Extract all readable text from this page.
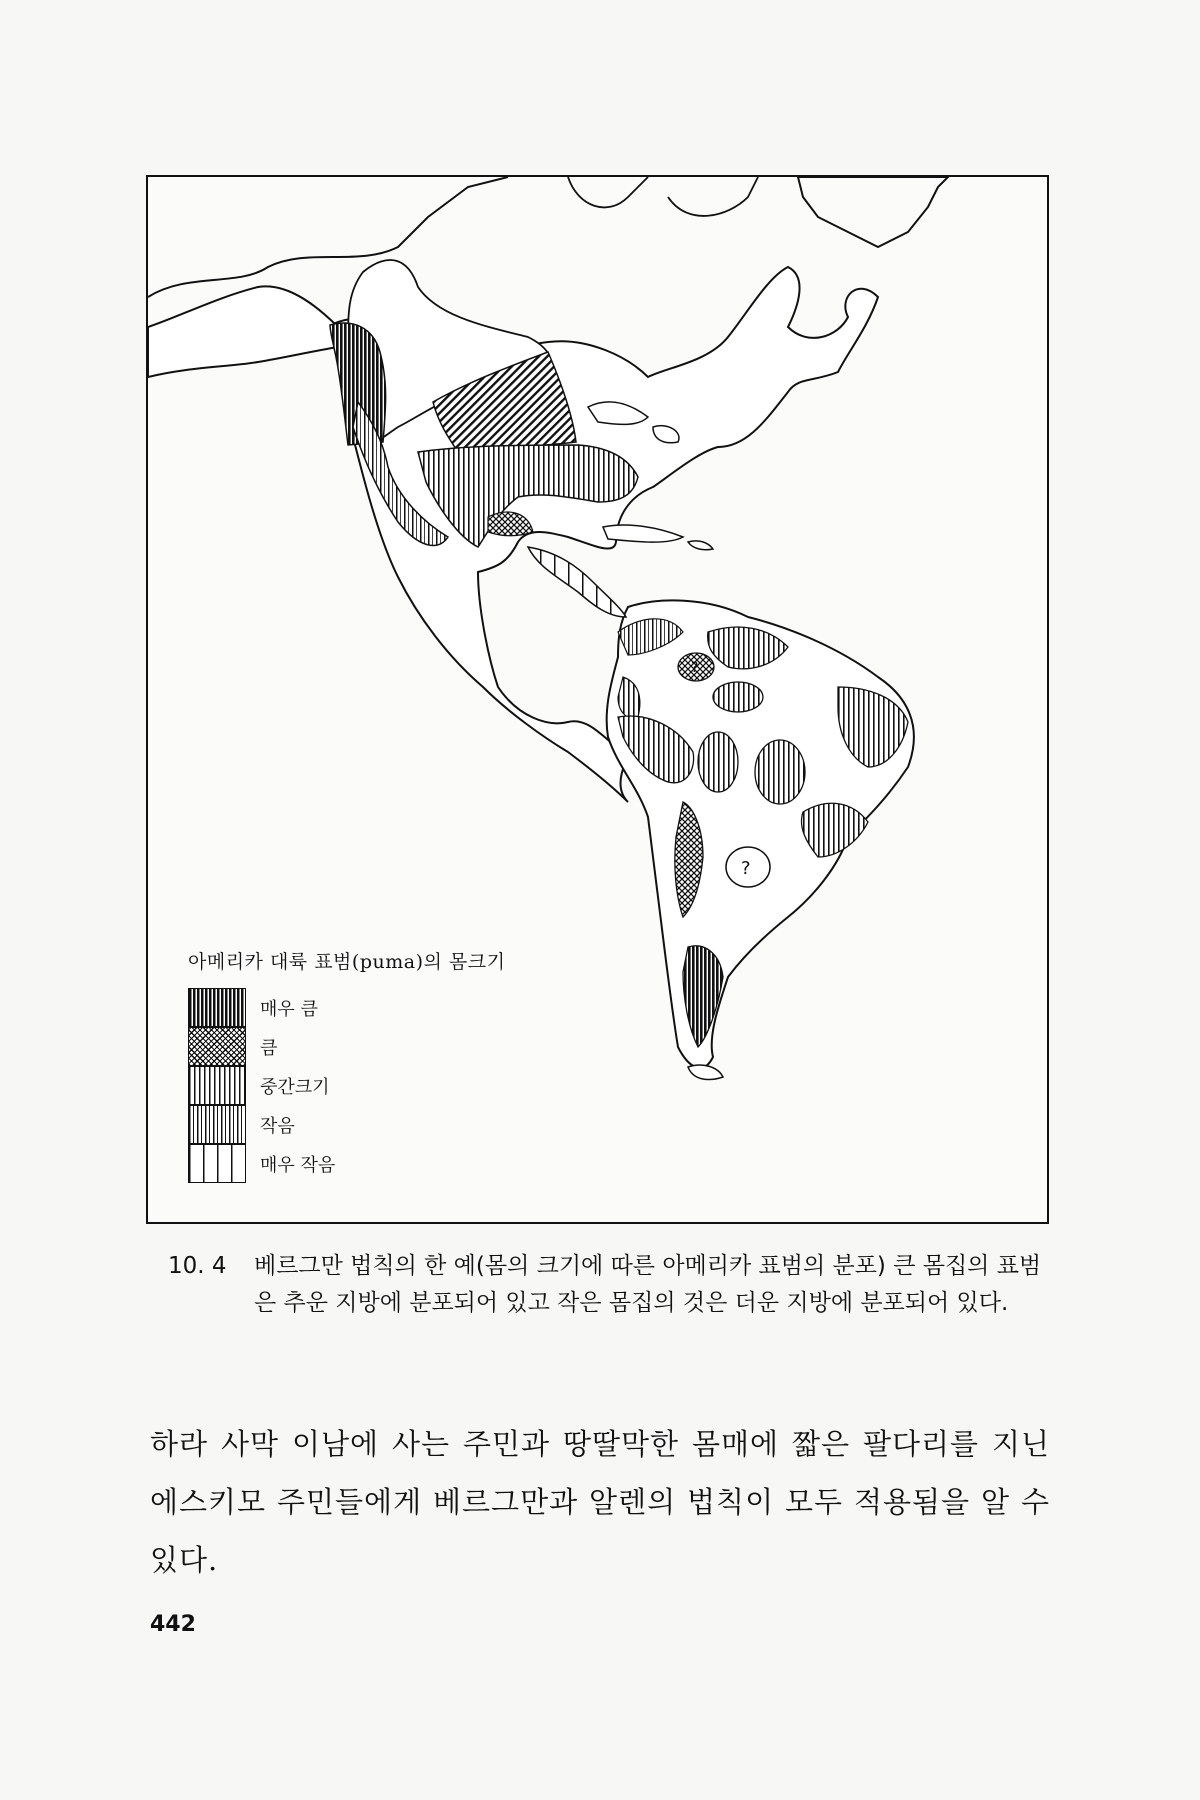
?
?
아메리카 대륙 표범(puma)의 몸크기
매우 큼
큼
중간크기
작음
매우 작음
10. 4	베르그만 법칙의 한 예(몸의 크기에 따른 아메리카 표범의 분포) 큰 몸집의 표범은 추운 지방에 분포되어 있고 작은 몸집의 것은 더운 지방에 분포되어 있다.
하라 사막 이남에 사는 주민과 땅딸막한 몸매에 짧은 팔다리를 지닌 에스키모 주민들에게 베르그만과 알렌의 법칙이 모두 적용됨을 알 수 있다.
442
